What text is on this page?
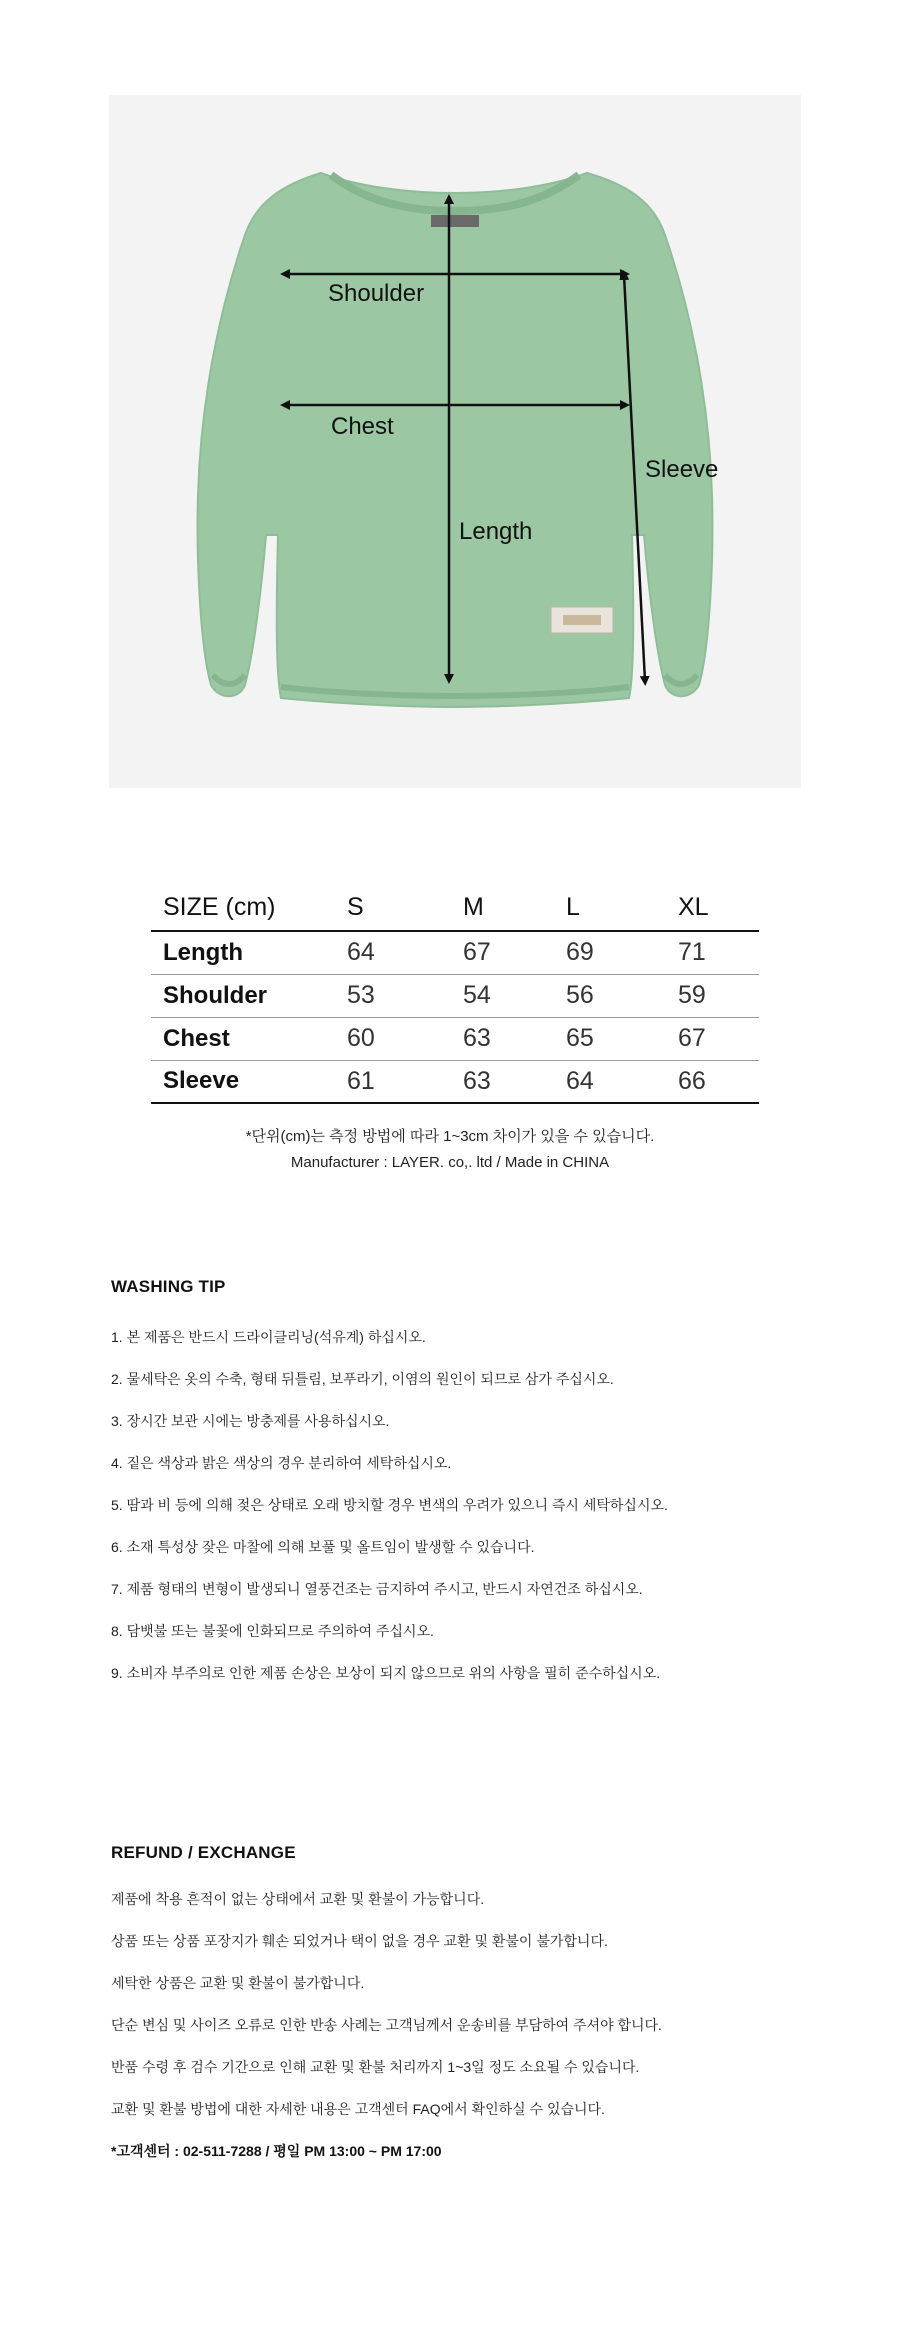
Shoulder
Chest
Length
Sleeve
SIZE (cm)	S	M	L	XL
Length	64	67	69	71
Shoulder	53	54	56	59
Chest	60	63	65	67
Sleeve	61	63	64	66
*단위(cm)는 측정 방법에 따라 1~3cm 차이가 있을 수 있습니다.
Manufacturer : LAYER. co,. ltd / Made in CHINA
WASHING TIP
1. 본 제품은 반드시 드라이클리닝(석유계) 하십시오.
2. 물세탁은 옷의 수축, 형태 뒤틀림, 보푸라기, 이염의 원인이 되므로 삼가 주십시오.
3. 장시간 보관 시에는 방충제를 사용하십시오.
4. 짙은 색상과 밝은 색상의 경우 분리하여 세탁하십시오.
5. 땀과 비 등에 의해 젖은 상태로 오래 방치할 경우 변색의 우려가 있으니 즉시 세탁하십시오.
6. 소재 특성상 잦은 마찰에 의해 보풀 및 올트임이 발생할 수 있습니다.
7. 제품 형태의 변형이 발생되니 열풍건조는 금지하여 주시고, 반드시 자연건조 하십시오.
8. 담뱃불 또는 불꽃에 인화되므로 주의하여 주십시오.
9. 소비자 부주의로 인한 제품 손상은 보상이 되지 않으므로 위의 사항을 필히 준수하십시오.
REFUND / EXCHANGE
제품에 착용 흔적이 없는 상태에서 교환 및 환불이 가능합니다.
상품 또는 상품 포장지가 훼손 되었거나 택이 없을 경우 교환 및 환불이 불가합니다.
세탁한 상품은 교환 및 환불이 불가합니다.
단순 변심 및 사이즈 오류로 인한 반송 사례는 고객님께서 운송비를 부담하여 주셔야 합니다.
반품 수령 후 검수 기간으로 인해 교환 및 환불 처리까지 1~3일 정도 소요될 수 있습니다.
교환 및 환불 방법에 대한 자세한 내용은 고객센터 FAQ에서 확인하실 수 있습니다.
*고객센터 : 02-511-7288 / 평일 PM 13:00 ~ PM 17:00
